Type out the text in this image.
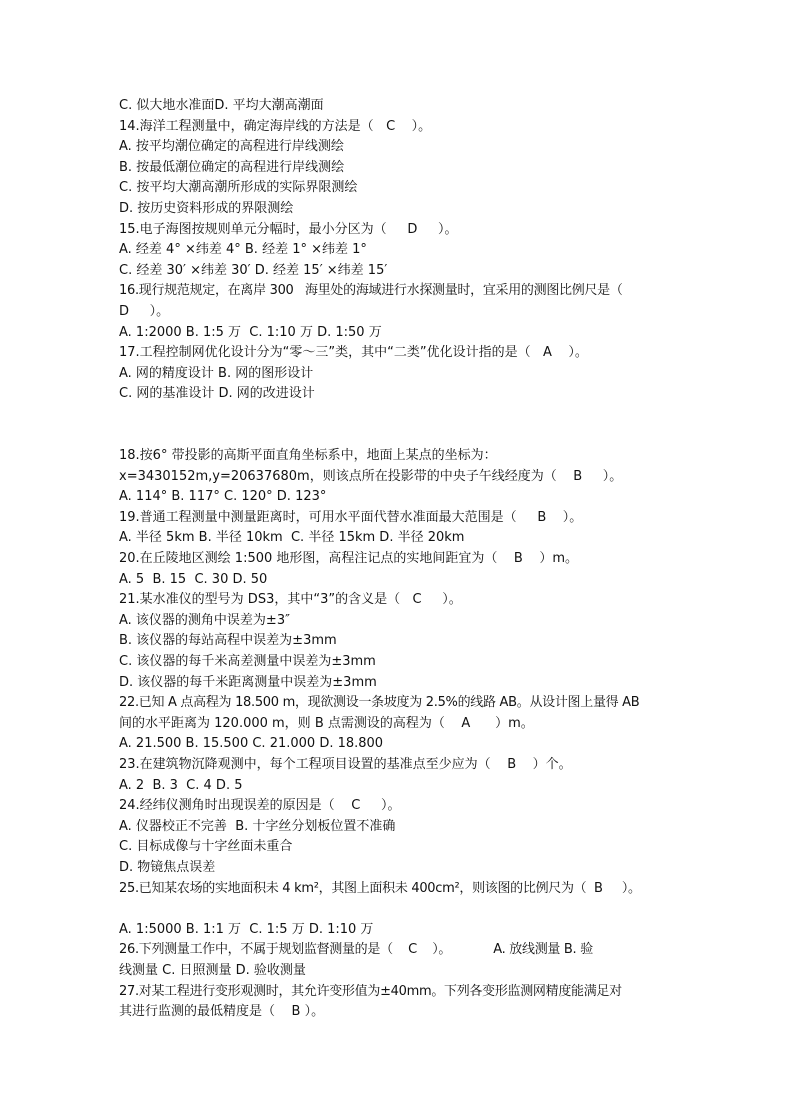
C. 似大地水准面D. 平均大潮高潮面
14.海洋工程测量中，确定海岸线的方法是（   C    ）。
A. 按平均潮位确定的高程进行岸线测绘
B. 按最低潮位确定的高程进行岸线测绘
C. 按平均大潮高潮所形成的实际界限测绘
D. 按历史资料形成的界限测绘
15.电子海图按规则单元分幅时，最小分区为（     D     ）。
A. 经差 4° ×纬差 4° B. 经差 1° ×纬差 1°
C. 经差 30′ ×纬差 30′ D. 经差 15′ ×纬差 15′
16.现行规范规定，在离岸 300   海里处的海域进行水探测量时，宜采用的测图比例尺是（
D     ）。
A. 1:2000 B. 1:5 万  C. 1:10 万 D. 1:50 万
17.工程控制网优化设计分为“零～三”类，其中“二类”优化设计指的是（   A    ）。
A. 网的精度设计 B. 网的图形设计
C. 网的基准设计 D. 网的改进设计
18.按6° 带投影的高斯平面直角坐标系中，地面上某点的坐标为：
x=3430152m,y=20637680m，则该点所在投影带的中央子午线经度为（    B     ）。
A. 114° B. 117° C. 120° D. 123°
19.普通工程测量中测量距离时，可用水平面代替水准面最大范围是（     B    ）。
A. 半径 5km B. 半径 10km  C. 半径 15km D. 半径 20km
20.在丘陵地区测绘 1:500 地形图，高程注记点的实地间距宜为（    B    ）m。
A. 5  B. 15  C. 30 D. 50
21.某水准仪的型号为 DS3，其中“3”的含义是（   C     ）。
A. 该仪器的测角中误差为±3″
B. 该仪器的每站高程中误差为±3mm
C. 该仪器的每千米高差测量中误差为±3mm
D. 该仪器的每千米距离测量中误差为±3mm
22.已知 A 点高程为 18.500 m，现欲测设一条坡度为 2.5%的线路 AB。从设计图上量得 AB
间的水平距离为 120.000 m，则 B 点需测设的高程为（    A      ）m。
A. 21.500 B. 15.500 C. 21.000 D. 18.800
23.在建筑物沉降观测中，每个工程项目设置的基准点至少应为（    B    ）个。
A. 2  B. 3  C. 4 D. 5
24.经纬仪测角时出现误差的原因是（    C     ）。
A. 仪器校正不完善  B. 十字丝分划板位置不准确
C. 目标成像与十字丝面未重合
D. 物镜焦点误差
25.已知某农场的实地面积未 4 km²，其图上面积未 400cm²，则该图的比例尺为（  B     ）。
A. 1:5000 B. 1:1 万  C. 1:5 万 D. 1:10 万
26.下列测量工作中，不属于规划监督测量的是（    C    ）。           A. 放线测量 B. 验
线测量 C. 日照测量 D. 验收测量
27.对某工程进行变形观测时，其允许变形值为±40mm。下列各变形监测网精度能满足对
其进行监测的最低精度是（    B ）。
